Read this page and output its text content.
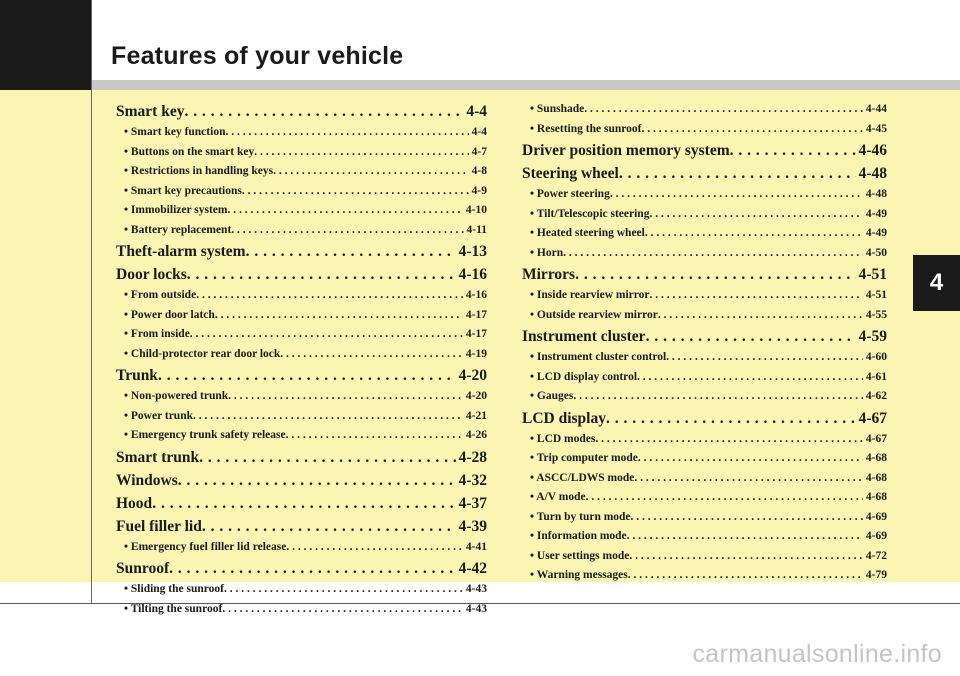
Features of your vehicle
4
Smart key . . .	4-4
• Smart key function . . .	4-4
• Buttons on the smart key . . .	4-7
• Restrictions in handling keys . . .	4-8
• Smart key precautions . . .	4-9
• Immobilizer system . . .	4-10
• Battery replacement . . .	4-11
Theft-alarm system . . .	4-13
Door locks . . .	4-16
• From outside . . .	4-16
• Power door latch . . .	4-17
• From inside . . .	4-17
• Child-protector rear door lock . . .	4-19
Trunk . . .	4-20
• Non-powered trunk . . .	4-20
• Power trunk . . .	4-21
• Emergency trunk safety release . . .	4-26
Smart trunk . . .	4-28
Windows . . .	4-32
Hood . . .	4-37
Fuel filler lid . . .	4-39
• Emergency fuel filler lid release . . .	4-41
Sunroof . . .	4-42
• Sliding the sunroof . . .	4-43
• Tilting the sunroof . . .	4-43
• Sunshade . . .	4-44
• Resetting the sunroof . . .	4-45
Driver position memory system . . .	4-46
Steering wheel . . .	4-48
• Power steering . . .	4-48
• Tilt/Telescopic steering . . .	4-49
• Heated steering wheel . . .	4-49
• Horn . . .	4-50
Mirrors . . .	4-51
• Inside rearview mirror . . .	4-51
• Outside rearview mirror . . .	4-55
Instrument cluster . . .	4-59
• Instrument cluster control . . .	4-60
• LCD display control . . .	4-61
• Gauges . . .	4-62
LCD display . . .	4-67
• LCD modes . . .	4-67
• Trip computer mode . . .	4-68
• ASCC/LDWS mode . . .	4-68
• A/V mode . . .	4-68
• Turn by turn mode . . .	4-69
• Information mode . . .	4-69
• User settings mode . . .	4-72
• Warning messages . . .	4-79
carmanualsonline.info
